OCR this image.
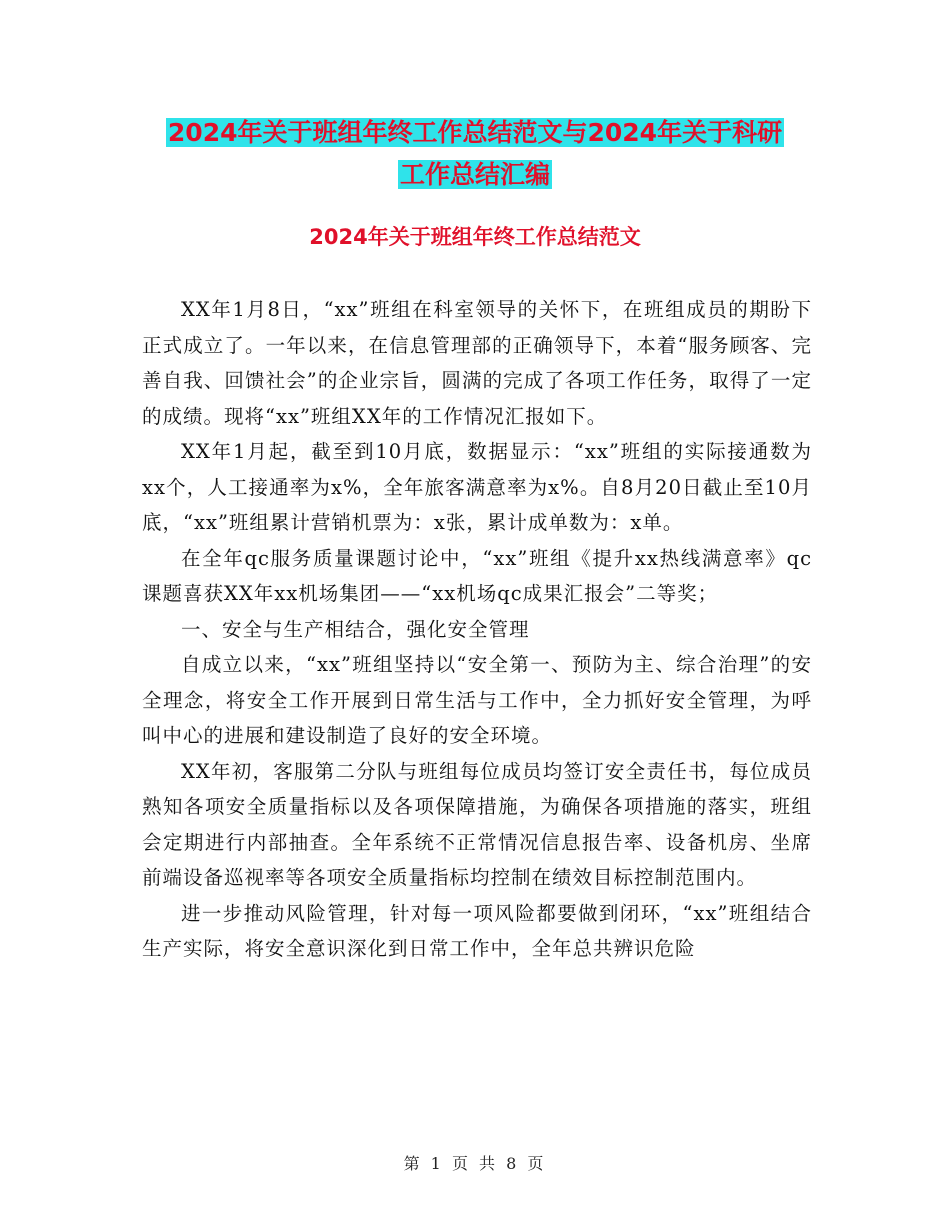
2024年关于班组年终工作总结范文与2024年关于科研
工作总结汇编
2024年关于班组年终工作总结范文

XX年1月8日，“xx”班组在科室领导的关怀下，在班组成员的期盼下正式成立了。一年以来，在信息管理部的正确领导下，本着“服务顾客、完善自我、回馈社会”的企业宗旨，圆满的完成了各项工作任务，取得了一定的成绩。现将“xx”班组XX年的工作情况汇报如下。

XX年1月起，截至到10月底，数据显示：“xx”班组的实际接通数为xx个，人工接通率为x%，全年旅客满意率为x%。自8月20日截止至10月底，“xx”班组累计营销机票为：x张，累计成单数为：x单。

在全年qc服务质量课题讨论中，“xx”班组《提升xx热线满意率》qc课题喜获XX年xx机场集团——“xx机场qc成果汇报会”二等奖；

一、安全与生产相结合，强化安全管理

自成立以来，“xx”班组坚持以“安全第一、预防为主、综合治理”的安全理念，将安全工作开展到日常生活与工作中，全力抓好安全管理，为呼叫中心的进展和建设制造了良好的安全环境。

XX年初，客服第二分队与班组每位成员均签订安全责任书，每位成员熟知各项安全质量指标以及各项保障措施，为确保各项措施的落实，班组会定期进行内部抽查。全年系统不正常情况信息报告率、设备机房、坐席前端设备巡视率等各项安全质量指标均控制在绩效目标控制范围内。

进一步推动风险管理，针对每一项风险都要做到闭环，“xx”班组结合生产实际，将安全意识深化到日常工作中，全年总共辨识危险

第 1 页 共 8 页
